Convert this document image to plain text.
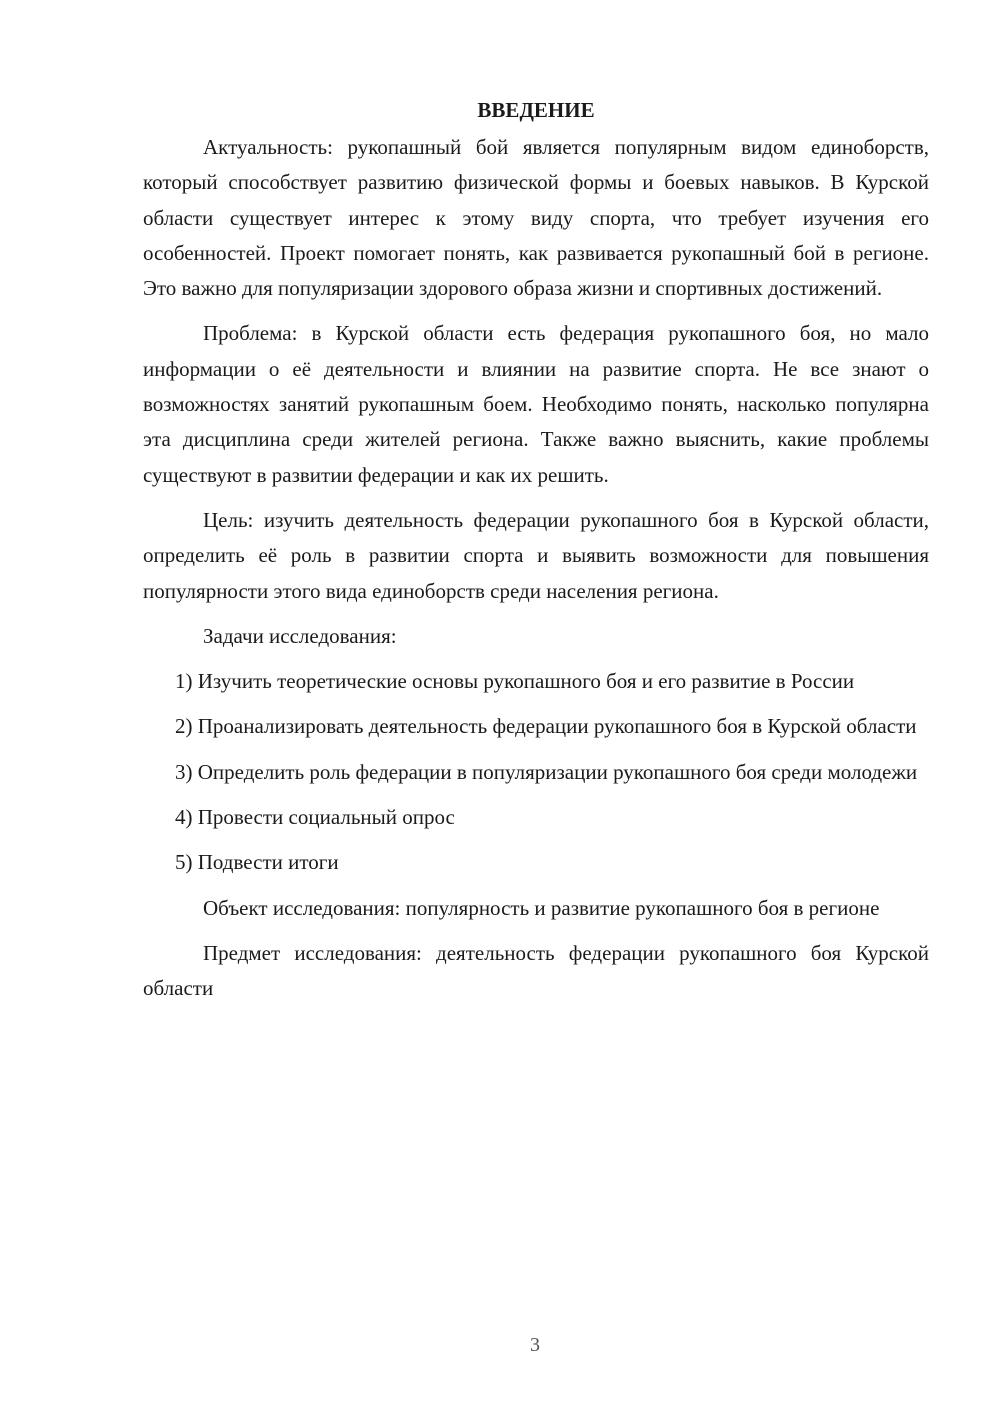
ВВЕДЕНИЕ

Актуальность: рукопашный бой является популярным видом единоборств, который способствует развитию физической формы и боевых навыков. В Курской области существует интерес к этому виду спорта, что требует изучения его особенностей. Проект помогает понять, как развивается рукопашный бой в регионе. Это важно для популяризации здорового образа жизни и спортивных достижений.

Проблема: в Курской области есть федерация рукопашного боя, но мало информации о её деятельности и влиянии на развитие спорта. Не все знают о возможностях занятий рукопашным боем. Необходимо понять, насколько популярна эта дисциплина среди жителей региона. Также важно выяснить, какие проблемы существуют в развитии федерации и как их решить.

Цель: изучить деятельность федерации рукопашного боя в Курской области, определить её роль в развитии спорта и выявить возможности для повышения популярности этого вида единоборств среди населения региона.

Задачи исследования:

1) Изучить теоретические основы рукопашного боя и его развитие в России

2) Проанализировать деятельность федерации рукопашного боя в Курской области

3) Определить роль федерации в популяризации рукопашного боя среди молодежи

4) Провести социальный опрос

5) Подвести итоги

Объект исследования: популярность и развитие рукопашного боя в регионе

Предмет исследования: деятельность федерации рукопашного боя Курской области

3
